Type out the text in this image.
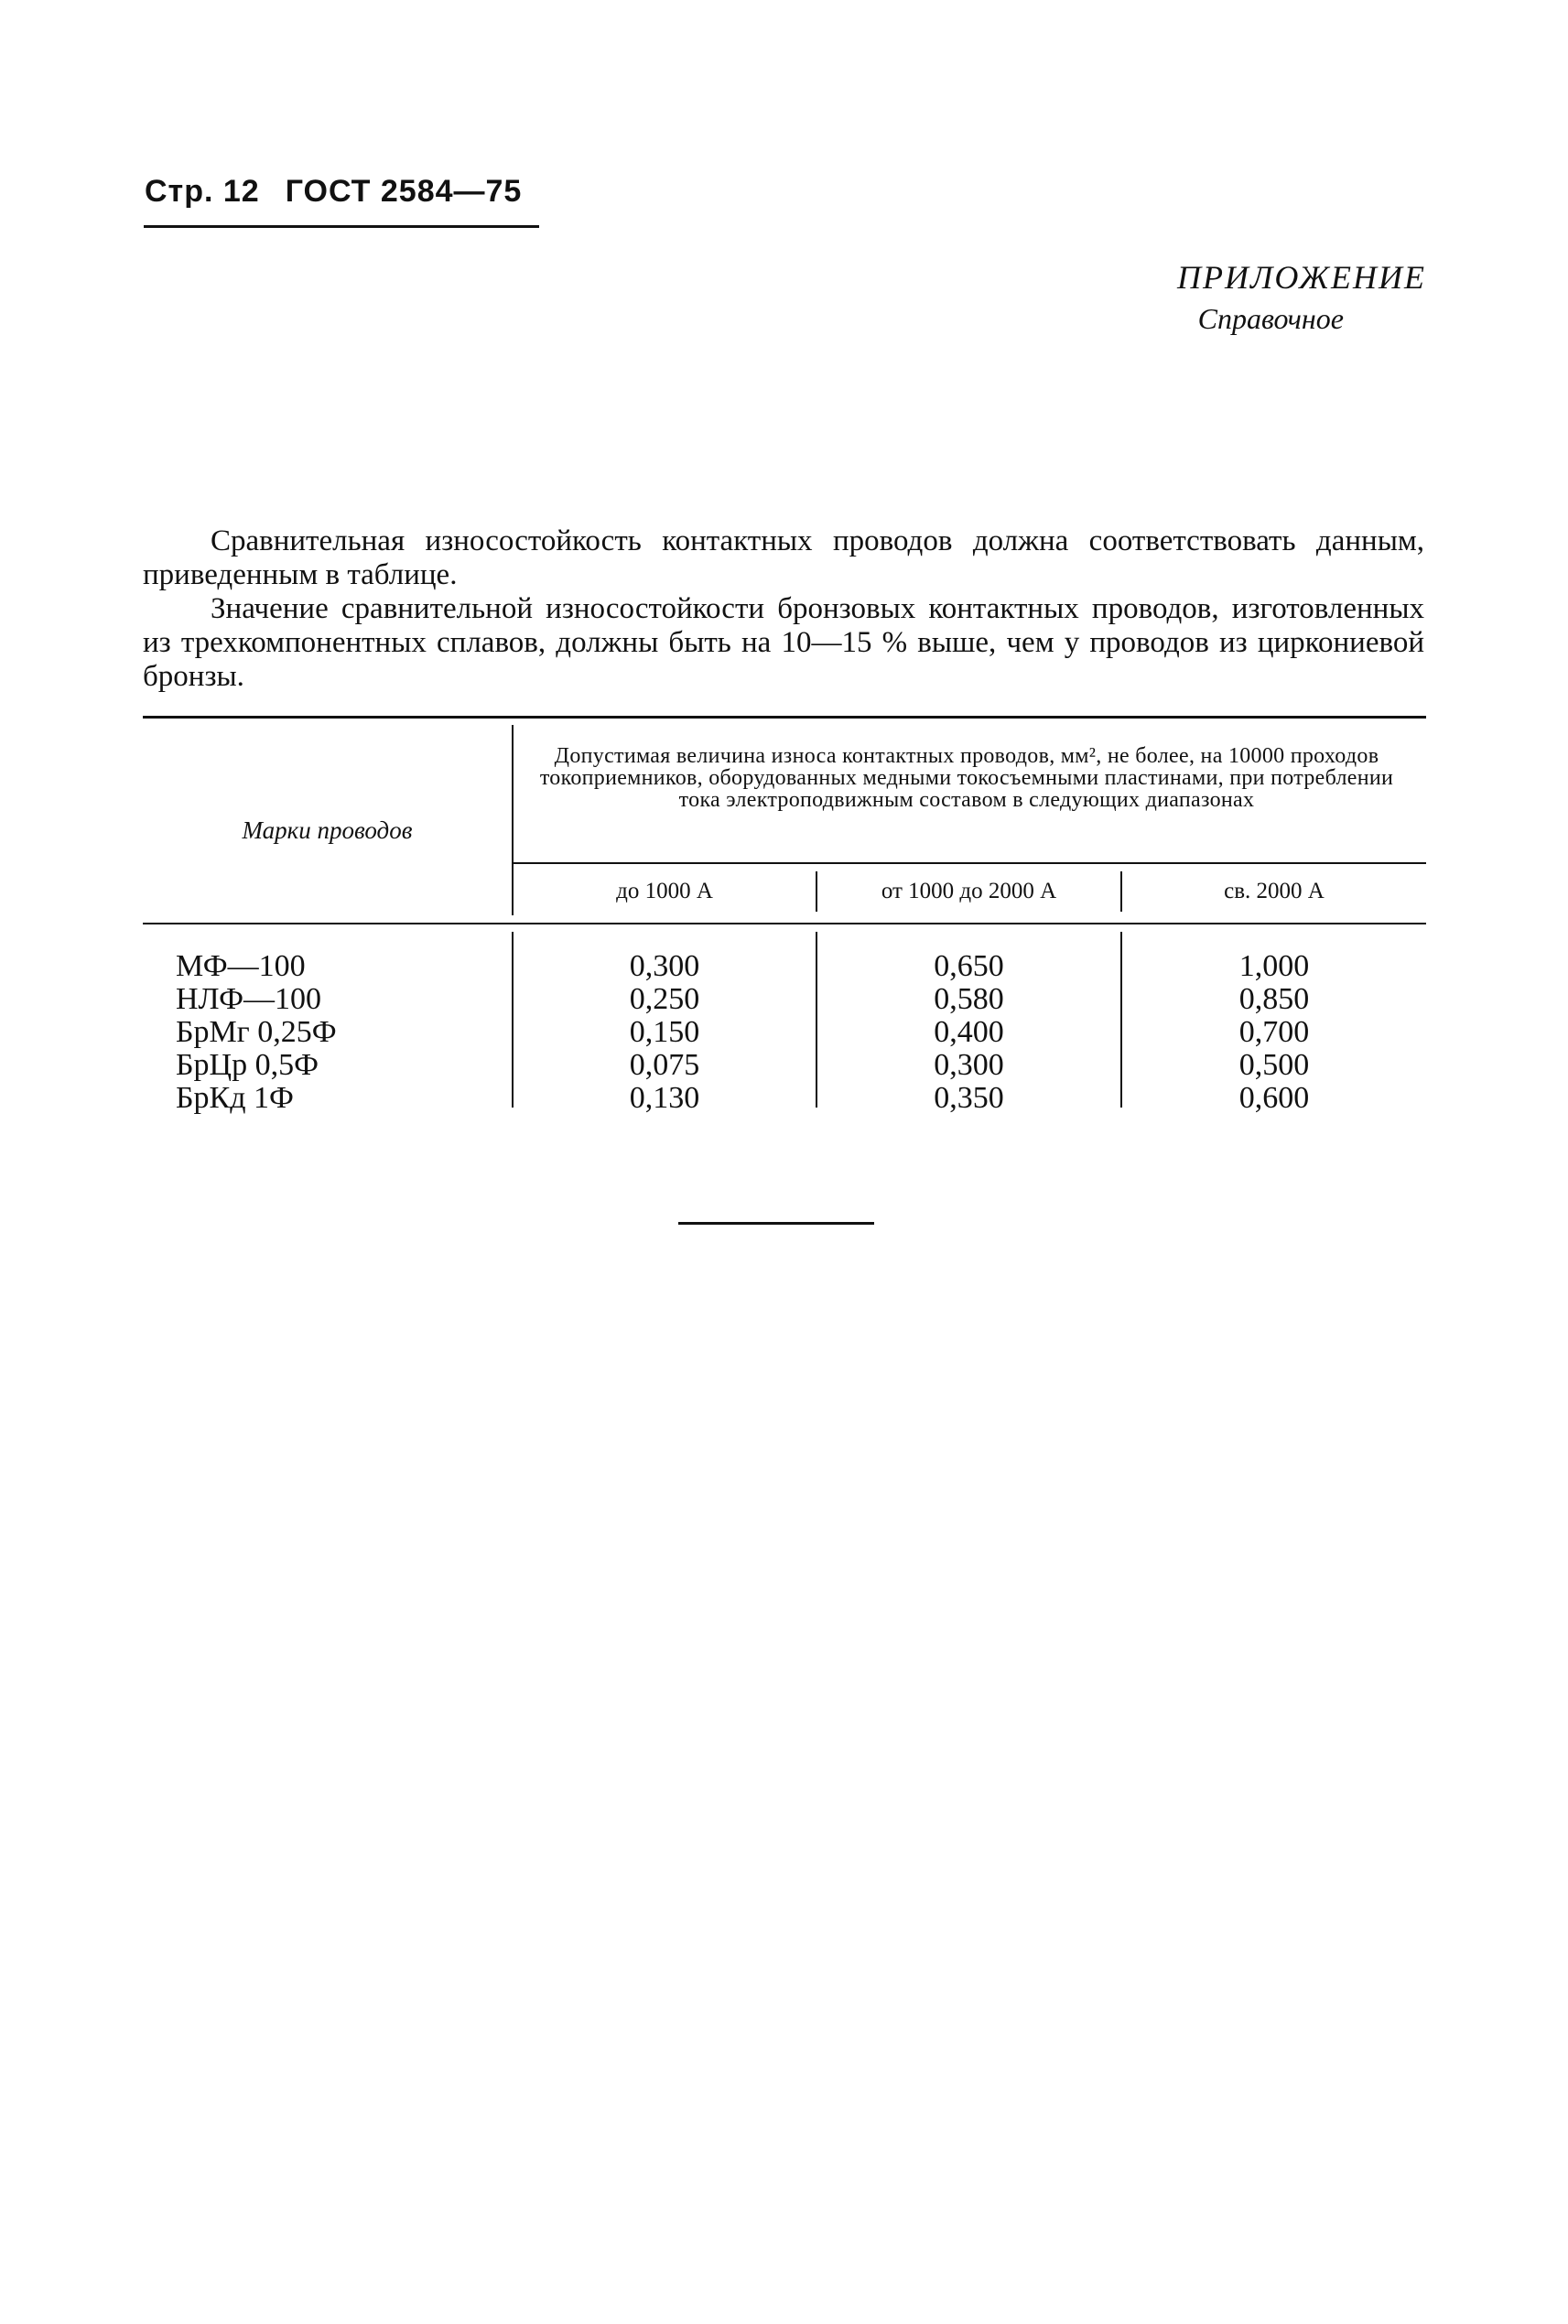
Стр. 12 ГОСТ 2584—75
ПРИЛОЖЕНИЕ
Справочное

Сравнительная износостойкость контактных проводов должна соответствовать данным, приведенным в таблице.

Значение сравнительной износостойкости бронзовых контактных проводов, изготовленных из трехкомпонентных сплавов, должны быть на 10—15 % выше, чем у проводов из циркониевой бронзы.

Марки проводов
Допустимая величина износа контактных проводов, мм², не более, на 10000 проходов токоприемников, оборудованных медными токосъемными пластинами, при потреблении тока электроподвижным составом в следующих диапазонах
до 1000 А	от 1000 до 2000 А	св. 2000 А
МФ—100
НЛФ—100
БрМг 0,25Ф
БрЦр 0,5Ф
БрКд 1Ф
0,300
0,250
0,150
0,075
0,130
0,650
0,580
0,400
0,300
0,350
1,000
0,850
0,700
0,500
0,600
